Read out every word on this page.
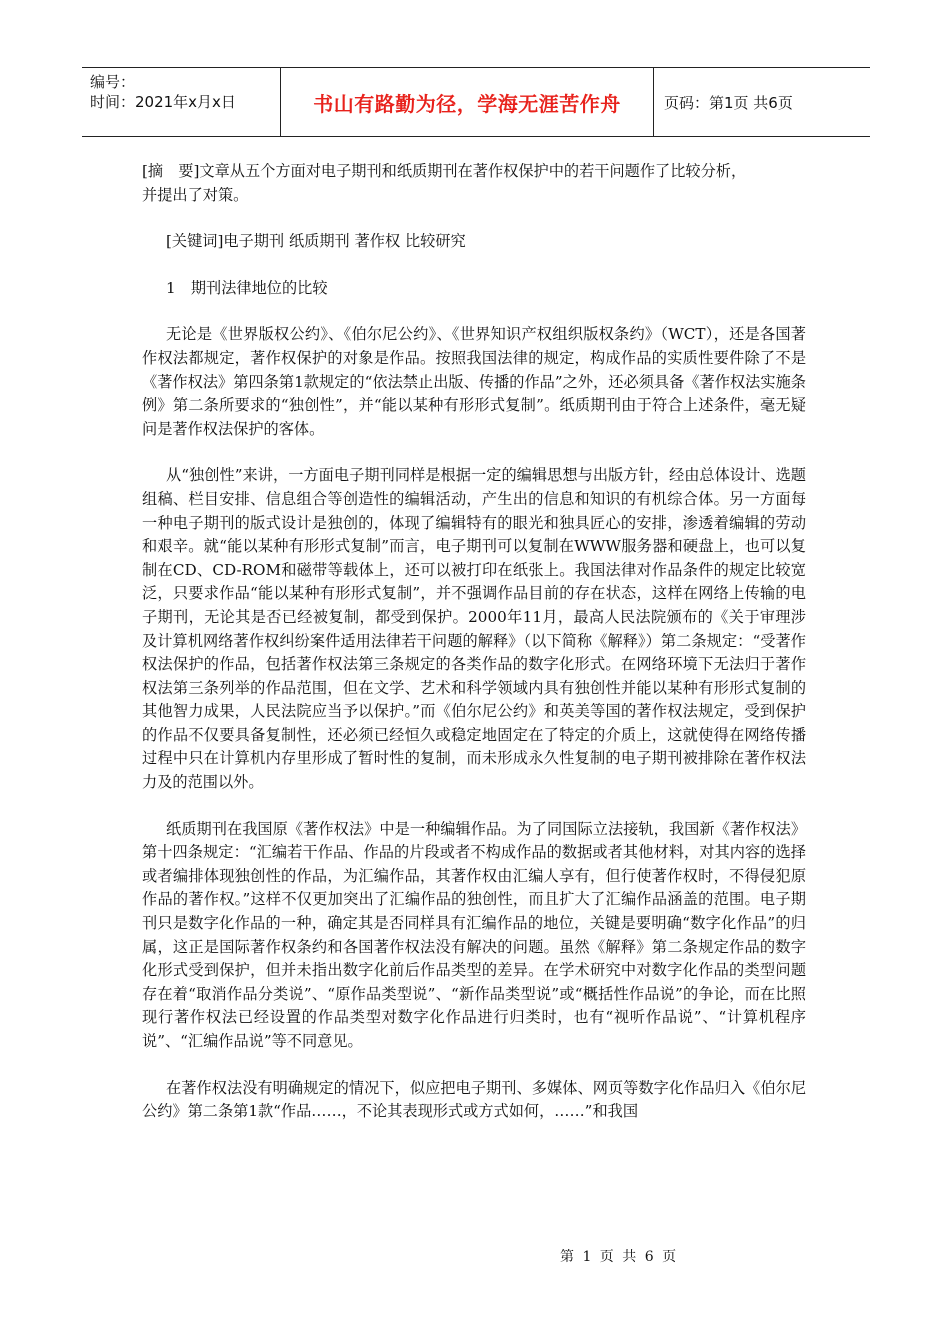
编号：
时间：2021年x月x日	书山有路勤为径，学海无涯苦作舟	页码：第1页 共6页

[摘　要]文章从五个方面对电子期刊和纸质期刊在著作权保护中的若干问题作了比较分析，

并提出了对策。

[关键词]电子期刊 纸质期刊 著作权 比较研究

1　期刊法律地位的比较

无论是《世界版权公约》、《伯尔尼公约》、《世界知识产权组织版权条约》（WCT），还是各国著作权法都规定，著作权保护的对象是作品。按照我国法律的规定，构成作品的实质性要件除了不是《著作权法》第四条第1款规定的“依法禁止出版、传播的作品”之外，还必须具备《著作权法实施条例》第二条所要求的“独创性”，并“能以某种有形形式复制”。纸质期刊由于符合上述条件，毫无疑问是著作权法保护的客体。

从“独创性”来讲，一方面电子期刊同样是根据一定的编辑思想与出版方针，经由总体设计、选题组稿、栏目安排、信息组合等创造性的编辑活动，产生出的信息和知识的有机综合体。另一方面每一种电子期刊的版式设计是独创的，体现了编辑特有的眼光和独具匠心的安排，渗透着编辑的劳动和艰辛。就“能以某种有形形式复制”而言，电子期刊可以复制在WWW服务器和硬盘上，也可以复制在CD、CD-ROM和磁带等载体上，还可以被打印在纸张上。我国法律对作品条件的规定比较宽泛，只要求作品“能以某种有形形式复制”，并不强调作品目前的存在状态，这样在网络上传输的电子期刊，无论其是否已经被复制，都受到保护。2000年11月，最高人民法院颁布的《关于审理涉及计算机网络著作权纠纷案件适用法律若干问题的解释》（以下简称《解释》）第二条规定：“受著作权法保护的作品，包括著作权法第三条规定的各类作品的数字化形式。在网络环境下无法归于著作权法第三条列举的作品范围，但在文学、艺术和科学领域内具有独创性并能以某种有形形式复制的其他智力成果，人民法院应当予以保护。”而《伯尔尼公约》和英美等国的著作权法规定，受到保护的作品不仅要具备复制性，还必须已经恒久或稳定地固定在了特定的介质上，这就使得在网络传播过程中只在计算机内存里形成了暂时性的复制，而未形成永久性复制的电子期刊被排除在著作权法力及的范围以外。

纸质期刊在我国原《著作权法》中是一种编辑作品。为了同国际立法接轨，我国新《著作权法》第十四条规定：“汇编若干作品、作品的片段或者不构成作品的数据或者其他材料，对其内容的选择或者编排体现独创性的作品，为汇编作品，其著作权由汇编人享有，但行使著作权时，不得侵犯原作品的著作权。”这样不仅更加突出了汇编作品的独创性，而且扩大了汇编作品涵盖的范围。电子期刊只是数字化作品的一种，确定其是否同样具有汇编作品的地位，关键是要明确“数字化作品”的归属，这正是国际著作权条约和各国著作权法没有解决的问题。虽然《解释》第二条规定作品的数字化形式受到保护，但并未指出数字化前后作品类型的差异。在学术研究中对数字化作品的类型问题存在着“取消作品分类说”、“原作品类型说”、“新作品类型说”或“概括性作品说”的争论，而在比照现行著作权法已经设置的作品类型对数字化作品进行归类时，也有“视听作品说”、“计算机程序说”、“汇编作品说”等不同意见。

在著作权法没有明确规定的情况下，似应把电子期刊、多媒体、网页等数字化作品归入《伯尔尼公约》第二条第1款“作品……，不论其表现形式或方式如何，……”和我国

第 1 页 共 6 页
